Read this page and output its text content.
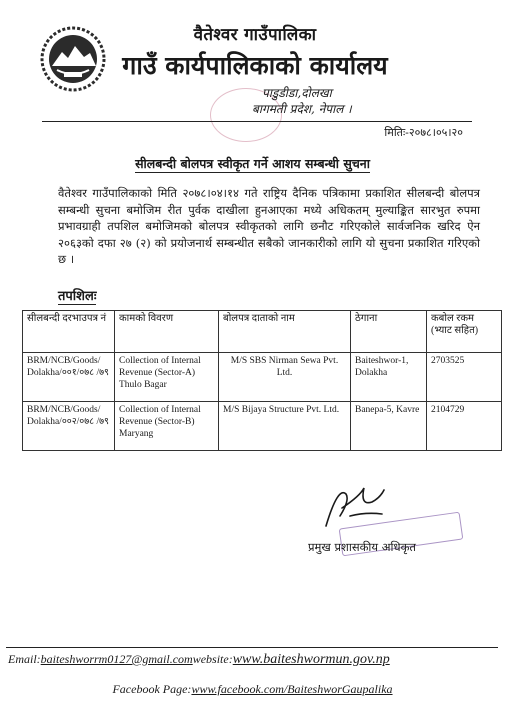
वैतेश्वर गाउँपालिका
गाउँ कार्यपालिकाको कार्यालय
पाडुडीडा,दोलखा
बागमती प्रदेश, नेपाल ।
मितिः-२०७८।०५।२०
सीलबन्दी बोलपत्र स्वीकृत गर्ने आशय सम्बन्धी सुचना
वैतेश्वर गाउँपालिकाको मिति २०७८।०४।१४ गते राष्ट्रिय दैनिक पत्रिकामा प्रकाशित सीलबन्दी बोलपत्र सम्बन्धी सुचना बमोजिम रीत पुर्वक दाखीला हुनआएका मध्ये अधिकतम् मुल्याङ्कित सारभुत रुपमा प्रभावग्राही तपशिल बमोजिमको बोलपत्र स्वीकृतको लागि छनौट गरिएकोले सार्वजनिक खरिद ऐन २०६३को दफा २७ (२) को प्रयोजनार्थ सम्बन्धीत सबैको जानकारीको लागि यो सुचना प्रकाशित गरिएको छ ।
तपशिलः
सीलबन्दी दरभाउपत्र नं	कामको विवरण	बोलपत्र दाताको नाम	ठेगाना	कबोल रकम (भ्याट सहित)
BRM/NCB/Goods/ Dolakha/००१/०७८ /७९	Collection of Internal Revenue (Sector-A) Thulo Bagar	M/S SBS Nirman Sewa Pvt. Ltd.	Baiteshwor-1, Dolakha	2703525
BRM/NCB/Goods/ Dolakha/००२/०७८ /७९	Collection of Internal Revenue (Sector-B) Maryang	M/S Bijaya Structure Pvt. Ltd.	Banepa-5, Kavre	2104729
प्रमुख प्रशासकीय अधिकृत
Email:baiteshworrm0127@gmail.comwebsite:www.baiteshwormun.gov.np
Facebook Page:www.facebook.com/BaiteshworGaupalika
